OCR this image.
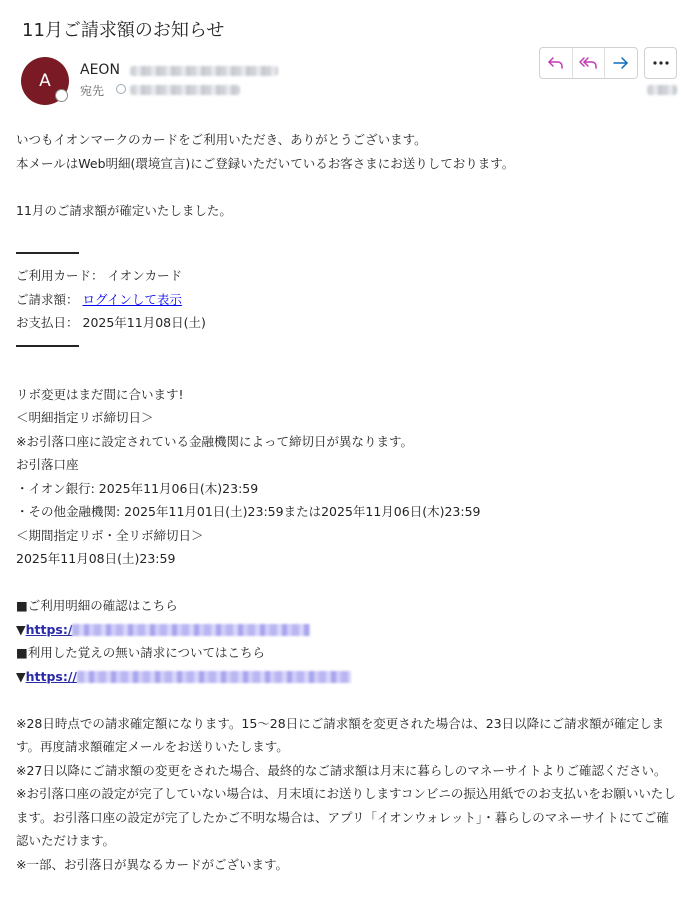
11月ご請求額のお知らせ
A
AEON
宛先
いつもイオンマークのカードをご利用いただき、ありがとうございます。
本メールはWeb明細(環境宣言)にご登録いただいているお客さまにお送りしております。
11月のご請求額が確定いたしました。
ご利用カード： イオンカード
ご請求額： ログインして表示
お支払日： 2025年11月08日(土)
リボ変更はまだ間に合います!
＜明細指定リボ締切日＞
※お引落口座に設定されている金融機関によって締切日が異なります。
お引落口座
・イオン銀行: 2025年11月06日(木)23:59
・その他金融機関: 2025年11月01日(土)23:59または2025年11月06日(木)23:59
＜期間指定リボ・全リボ締切日＞
2025年11月08日(土)23:59
■ご利用明細の確認はこちら
▼https:/
■利用した覚えの無い請求についてはこちら
▼https://
※28日時点での請求確定額になります。15～28日にご請求額を変更された場合は、23日以降にご請求額が確定します。再度請求額確定メールをお送りいたします。
※27日以降にご請求額の変更をされた場合、最終的なご請求額は月末に暮らしのマネーサイトよりご確認ください。
※お引落口座の設定が完了していない場合は、月末頃にお送りしますコンビニの振込用紙でのお支払いをお願いいたします。お引落口座の設定が完了したかご不明な場合は、アプリ「イオンウォレット」・暮らしのマネーサイトにてご確認いただけます。
※一部、お引落日が異なるカードがございます。
